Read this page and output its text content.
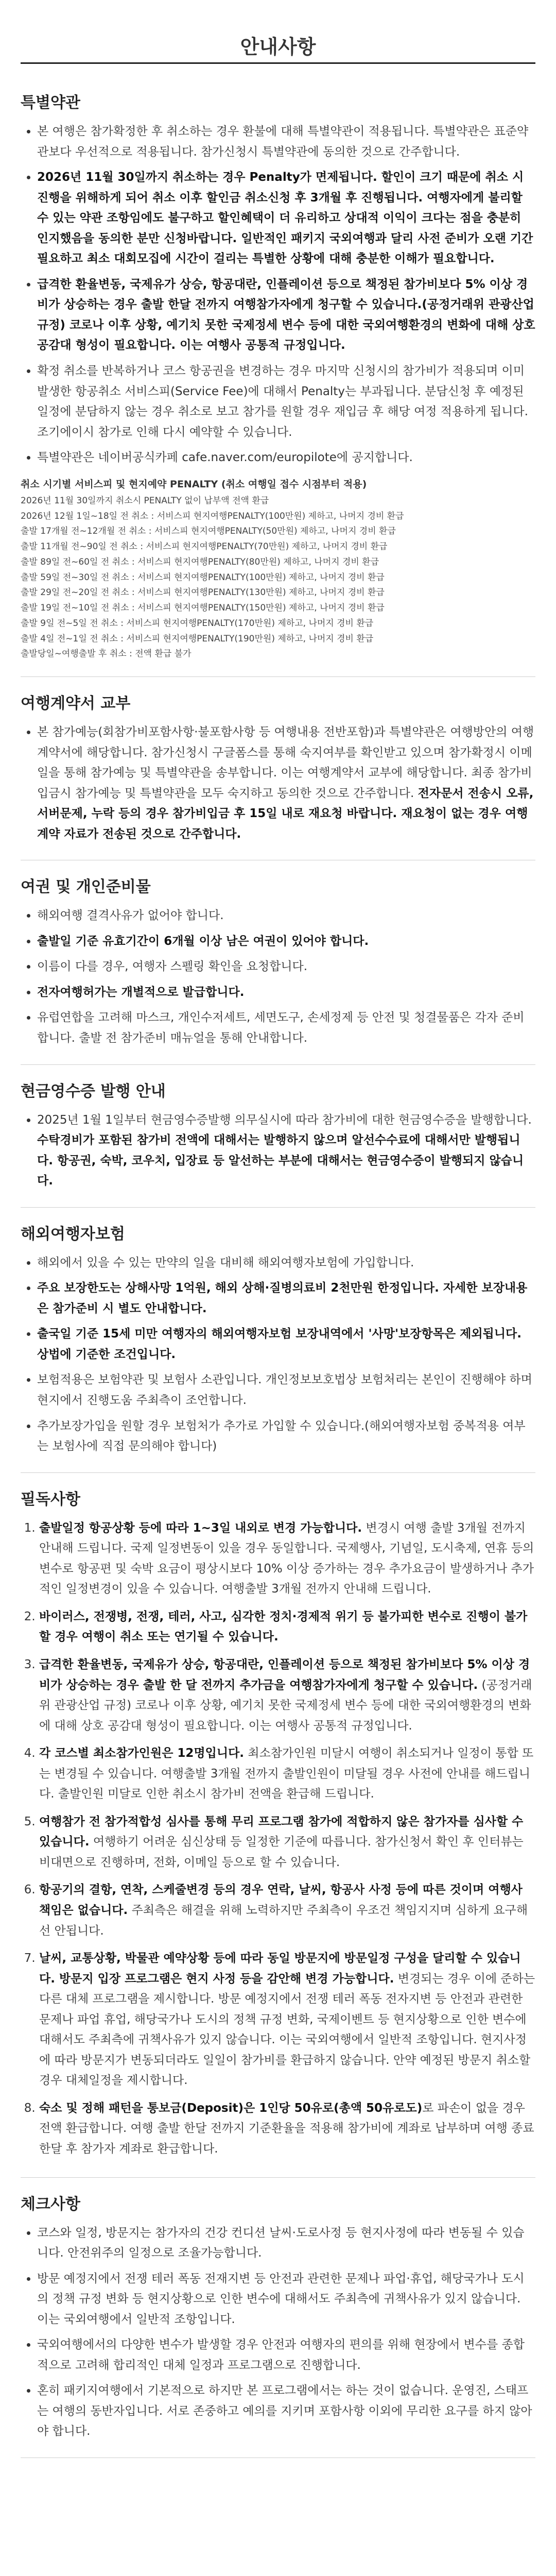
안내사항
특별약관
• 본 여행은 참가확정한 후 취소하는 경우 환불에 대해 특별약관이 적용됩니다. 특별약관은 표준약관보다 우선적으로 적용됩니다. 참가신청시 특별약관에 동의한 것으로 간주합니다.
• 2026년 11월 30일까지 취소하는 경우 Penalty가 면제됩니다. 할인이 크기 때문에 취소 시 진행을 위해하게 되어 취소 이후 할인금 취소신청 후 3개월 후 진행됩니다. 여행자에게 불리할 수 있는 약관 조항임에도 불구하고 할인혜택이 더 유리하고 상대적 이익이 크다는 점을 충분히 인지했음을 동의한 분만 신청바랍니다. 일반적인 패키지 국외여행과 달리 사전 준비가 오랜 기간 필요하고 최소 대회모집에 시간이 걸리는 특별한 상황에 대해 충분한 이해가 필요합니다.
• 급격한 환율변동, 국제유가 상승, 항공대란, 인플레이션 등으로 책정된 참가비보다 5% 이상 경비가 상승하는 경우 출발 한달 전까지 여행참가자에게 청구할 수 있습니다.(공정거래위 관광산업 규정) 코로나 이후 상황, 예기치 못한 국제정세 변수 등에 대한 국외여행환경의 변화에 대해 상호 공감대 형성이 필요합니다. 이는 여행사 공통적 규정입니다.
• 확정 취소를 반복하거나 코스 항공권을 변경하는 경우 마지막 신청시의 참가비가 적용되며 이미 발생한 항공취소 서비스피(Service Fee)에 대해서 Penalty는 부과됩니다. 분담신청 후 예정된 일정에 분담하지 않는 경우 취소로 보고 참가를 원할 경우 재입금 후 해당 여정 적용하게 됩니다. 조기에이시 참가로 인해 다시 예약할 수 있습니다.
• 특별약관은 네이버공식카페 cafe.naver.com/europilote에 공지합니다.
취소 시기별 서비스피 및 현지예약 PENALTY (취소 여행일 접수 시점부터 적용)
2026년 11월 30일까지 취소시 PENALTY 없이 납부액 전액 환급
2026년 12월 1일~18일 전 취소 : 서비스피 현지여행PENALTY(100만원) 제하고, 나머지 경비 환급
출발 17개월 전~12개월 전 취소 : 서비스피 현지여행PENALTY(50만원) 제하고, 나머지 경비 환급
출발 11개월 전~90일 전 취소 : 서비스피 현지여행PENALTY(70만원) 제하고, 나머지 경비 환급
출발 89일 전~60일 전 취소 : 서비스피 현지여행PENALTY(80만원) 제하고, 나머지 경비 환급
출발 59일 전~30일 전 취소 : 서비스피 현지여행PENALTY(100만원) 제하고, 나머지 경비 환급
출발 29일 전~20일 전 취소 : 서비스피 현지여행PENALTY(130만원) 제하고, 나머지 경비 환급
출발 19일 전~10일 전 취소 : 서비스피 현지여행PENALTY(150만원) 제하고, 나머지 경비 환급
출발 9일 전~5일 전 취소 : 서비스피 현지여행PENALTY(170만원) 제하고, 나머지 경비 환급
출발 4일 전~1일 전 취소 : 서비스피 현지여행PENALTY(190만원) 제하고, 나머지 경비 환급
출발당일~여행출발 후 취소 : 전액 환급 불가
여행계약서 교부
• 본 참가예능(회참가비포함사항·불포함사항 등 여행내용 전반포함)과 특별약관은 여행방안의 여행계약서에 해당합니다. 참가신청시 구글폼스를 통해 숙지여부를 확인받고 있으며 참가확정시 이메일을 통해 참가예능 및 특별약관을 송부합니다. 이는 여행계약서 교부에 해당합니다. 최종 참가비입금시 참가예능 및 특별약관을 모두 숙지하고 동의한 것으로 간주합니다. 전자문서 전송시 오류, 서버문제, 누락 등의 경우 참가비입금 후 15일 내로 재요청 바랍니다. 재요청이 없는 경우 여행계약 자료가 전송된 것으로 간주합니다.
여권 및 개인준비물
• 해외여행 결격사유가 없어야 합니다.
• 출발일 기준 유효기간이 6개월 이상 남은 여권이 있어야 합니다.
• 이름이 다를 경우, 여행자 스펠링 확인을 요청합니다.
• 전자여행허가는 개별적으로 발급합니다.
• 유럽연합을 고려해 마스크, 개인수저세트, 세면도구, 손세정제 등 안전 및 청결물품은 각자 준비합니다. 출발 전 참가준비 매뉴얼을 통해 안내합니다.
현금영수증 발행 안내
• 2025년 1월 1일부터 현금영수증발행 의무실시에 따라 참가비에 대한 현금영수증을 발행합니다. 수탁경비가 포함된 참가비 전액에 대해서는 발행하지 않으며 알선수수료에 대해서만 발행됩니다. 항공권, 숙박, 코우치, 입장료 등 알선하는 부분에 대해서는 현금영수증이 발행되지 않습니다.
해외여행자보험
• 해외에서 있을 수 있는 만약의 일을 대비해 해외여행자보험에 가입합니다.
• 주요 보장한도는 상해사망 1억원, 해외 상해·질병의료비 2천만원 한정입니다. 자세한 보장내용은 참가준비 시 별도 안내합니다.
• 출국일 기준 15세 미만 여행자의 해외여행자보험 보장내역에서 '사망'보장항목은 제외됩니다. 상법에 기준한 조건입니다.
• 보험적용은 보험약관 및 보험사 소관입니다. 개인정보보호법상 보험처리는 본인이 진행해야 하며 현지에서 진행도움 주최측이 조언합니다.
• 추가보장가입을 원할 경우 보험처가 추가로 가입할 수 있습니다.(해외여행자보험 중복적용 여부는 보험사에 직접 문의해야 합니다)
필독사항
1. 출발일정 항공상황 등에 따라 1~3일 내외로 변경 가능합니다. 변경시 여행 출발 3개월 전까지 안내해 드립니다. 국제 일정변동이 있을 경우 동일합니다. 국제행사, 기념일, 도시축제, 연휴 등의 변수로 항공편 및 숙박 요금이 평상시보다 10% 이상 증가하는 경우 추가요금이 발생하거나 추가적인 일정변경이 있을 수 있습니다. 여행출발 3개월 전까지 안내해 드립니다.
2. 바이러스, 전쟁병, 전쟁, 테러, 사고, 심각한 정치·경제적 위기 등 불가피한 변수로 진행이 불가할 경우 여행이 취소 또는 연기될 수 있습니다.
3. 급격한 환율변동, 국제유가 상승, 항공대란, 인플레이션 등으로 책정된 참가비보다 5% 이상 경비가 상승하는 경우 출발 한 달 전까지 추가금을 여행참가자에게 청구할 수 있습니다. (공정거래위 관광산업 규정) 코로나 이후 상황, 예기치 못한 국제정세 변수 등에 대한 국외여행환경의 변화에 대해 상호 공감대 형성이 필요합니다. 이는 여행사 공통적 규정입니다.
4. 각 코스별 최소참가인원은 12명입니다. 최소참가인원 미달시 여행이 취소되거나 일정이 통합 또는 변경될 수 있습니다. 여행출발 3개월 전까지 출발인원이 미달될 경우 사전에 안내를 해드립니다. 출발인원 미달로 인한 취소시 참가비 전액을 환급해 드립니다.
5. 여행참가 전 참가적합성 심사를 통해 무리 프로그램 참가에 적합하지 않은 참가자를 심사할 수 있습니다. 여행하기 어려운 심신상태 등 일정한 기준에 따릅니다. 참가신청서 확인 후 인터뷰는 비대면으로 진행하며, 전화, 이메일 등으로 할 수 있습니다.
6. 항공기의 결항, 연착, 스케줄변경 등의 경우 연락, 날씨, 항공사 사정 등에 따른 것이며 여행사 책임은 없습니다. 주최측은 해결을 위해 노력하지만 주최측이 우조건 책임지지며 심하게 요구해선 안됩니다.
7. 날씨, 교통상황, 박물관 예약상황 등에 따라 동일 방문지에 방문일정 구성을 달리할 수 있습니다. 방문지 입장 프로그램은 현지 사정 등을 감안해 변경 가능합니다. 변경되는 경우 이에 준하는 다른 대체 프로그램을 제시합니다. 방문 예정지에서 전쟁 테러 폭동 전자지변 등 안전과 관련한 문제나 파업 휴업, 해당국가나 도시의 정책 규정 변화, 국제이벤트 등 현지상황으로 인한 변수에 대해서도 주최측에 귀책사유가 있지 않습니다. 이는 국외여행에서 일반적 조항입니다. 현지사정에 따라 방문지가 변동되더라도 일일이 참가비를 환급하지 않습니다. 안약 예정된 방문지 취소할 경우 대체일정을 제시합니다.
8. 숙소 및 정해 패턴을 통보금(Deposit)은 1인당 50유로(총액 50유로도)로 파손이 없을 경우 전액 환급합니다. 여행 출발 한달 전까지 기준환율을 적용해 참가비에 계좌로 납부하며 여행 종료 한달 후 참가자 계좌로 환급합니다.
체크사항
• 코스와 일정, 방문지는 참가자의 건강 컨디션 날씨·도로사정 등 현지사정에 따라 변동될 수 있습니다. 안전위주의 일정으로 조율가능합니다.
• 방문 예정지에서 전쟁 테러 폭동 전재지변 등 안전과 관련한 문제나 파업·휴업, 해당국가나 도시의 정책 규정 변화 등 현지상황으로 인한 변수에 대해서도 주최측에 귀책사유가 있지 않습니다. 이는 국외여행에서 일반적 조항입니다.
• 국외여행에서의 다양한 변수가 발생할 경우 안전과 여행자의 편의를 위해 현장에서 변수를 종합적으로 고려해 합리적인 대체 일정과 프로그램으로 진행합니다.
• 혼히 패키지여행에서 기본적으로 하지만 본 프로그램에서는 하는 것이 없습니다. 운영진, 스태프는 여행의 동반자입니다. 서로 존중하고 예의를 지키며 포함사항 이외에 무리한 요구를 하지 않아야 합니다.
